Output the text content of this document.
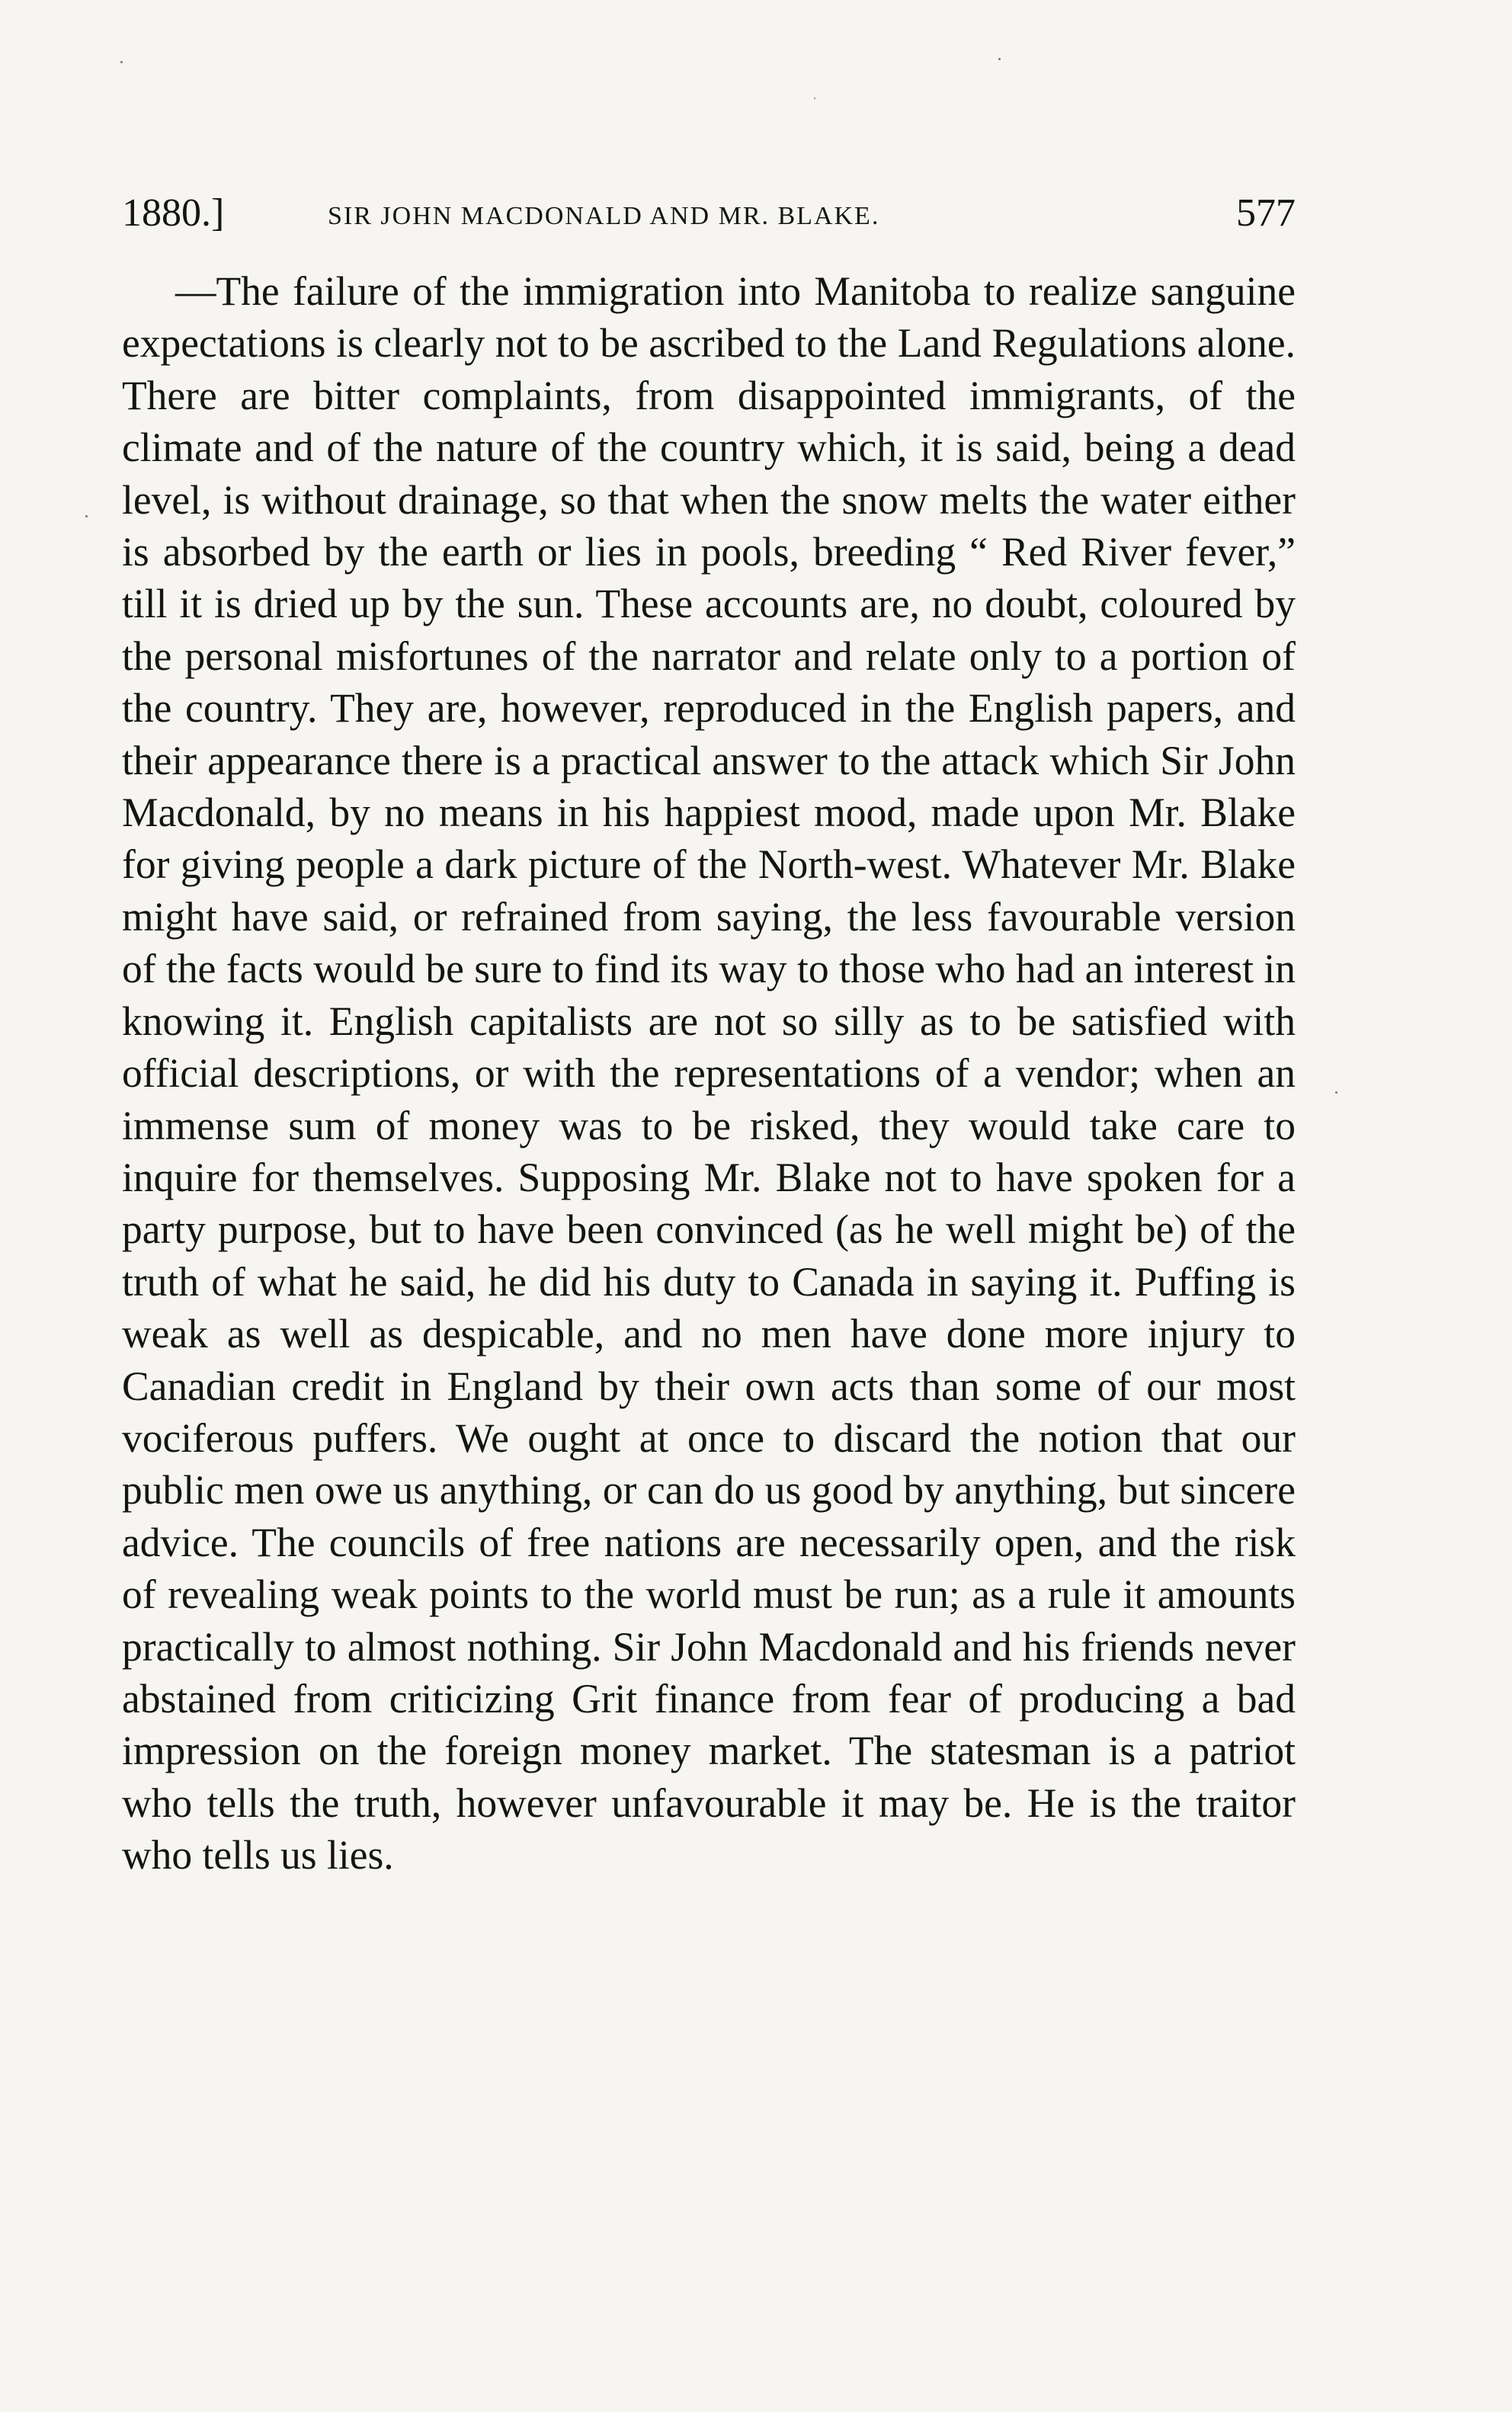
1880.]	SIR JOHN MACDONALD AND MR. BLAKE.	577

—The failure of the immigration into Manitoba to realize sanguine expectations is clearly not to be ascribed to the Land Regulations alone. There are bitter complaints, from disappointed immigrants, of the climate and of the nature of the country which, it is said, being a dead level, is without drainage, so that when the snow melts the water either is absorbed by the earth or lies in pools, breeding “ Red River fever,” till it is dried up by the sun. These accounts are, no doubt, coloured by the personal misfortunes of the narrator and relate only to a portion of the country. They are, however, reproduced in the English papers, and their appearance there is a practical answer to the attack which Sir John Macdonald, by no means in his happiest mood, made upon Mr. Blake for giving people a dark picture of the North-west. Whatever Mr. Blake might have said, or refrained from saying, the less favourable version of the facts would be sure to find its way to those who had an interest in knowing it. English capitalists are not so silly as to be satisfied with official descriptions, or with the representations of a vendor; when an immense sum of money was to be risked, they would take care to inquire for themselves. Supposing Mr. Blake not to have spoken for a party purpose, but to have been convinced (as he well might be) of the truth of what he said, he did his duty to Canada in saying it. Puffing is weak as well as despicable, and no men have done more injury to Canadian credit in England by their own acts than some of our most vociferous puffers. We ought at once to discard the notion that our public men owe us anything, or can do us good by anything, but sincere advice. The councils of free nations are necessarily open, and the risk of revealing weak points to the world must be run; as a rule it amounts practically to almost nothing. Sir John Macdonald and his friends never abstained from criticizing Grit finance from fear of producing a bad impression on the foreign money market. The statesman is a patriot who tells the truth, however unfavourable it may be. He is the traitor who tells us lies.
